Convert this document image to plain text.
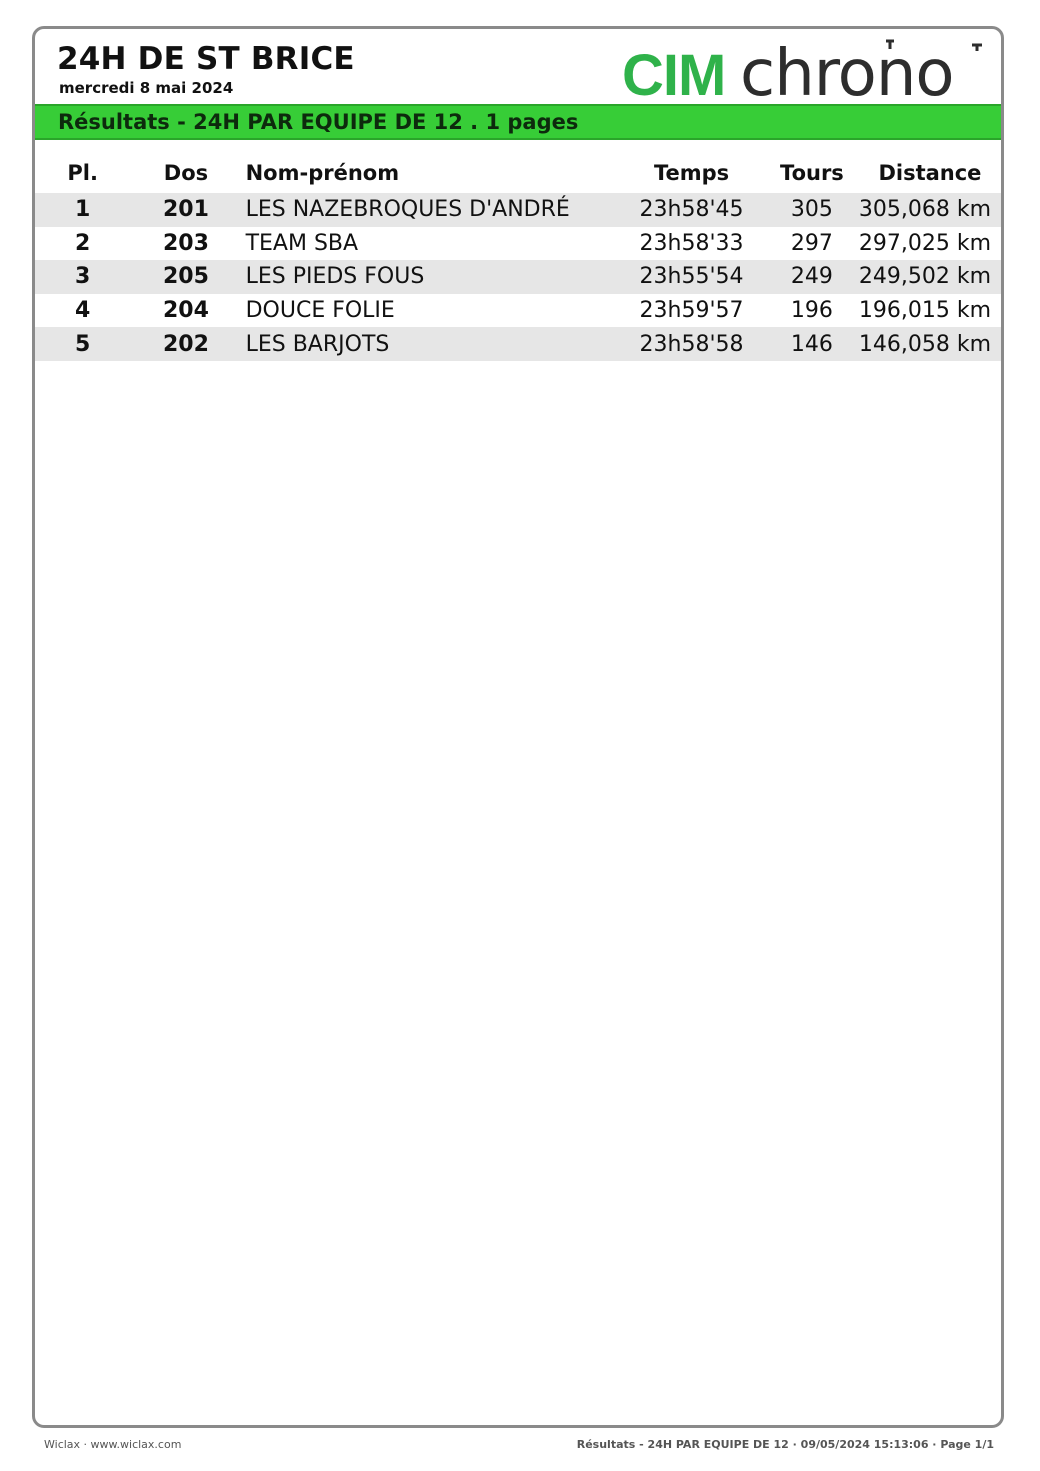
24H DE ST BRICE
mercredi 8 mai 2024	CIM chrono
Résultats - 24H PAR EQUIPE DE 12 . 1 pages
Pl.	Dos	Nom-prénom	Temps	Tours	Distance
1	201	LES NAZEBROQUES D'ANDRÉ	23h58'45	305	305,068 km
2	203	TEAM SBA	23h58'33	297	297,025 km
3	205	LES PIEDS FOUS	23h55'54	249	249,502 km
4	204	DOUCE FOLIE	23h59'57	196	196,015 km
5	202	LES BARJOTS	23h58'58	146	146,058 km
Wiclax · www.wiclax.com	Résultats - 24H PAR EQUIPE DE 12 · 09/05/2024 15:13:06 · Page 1/1
